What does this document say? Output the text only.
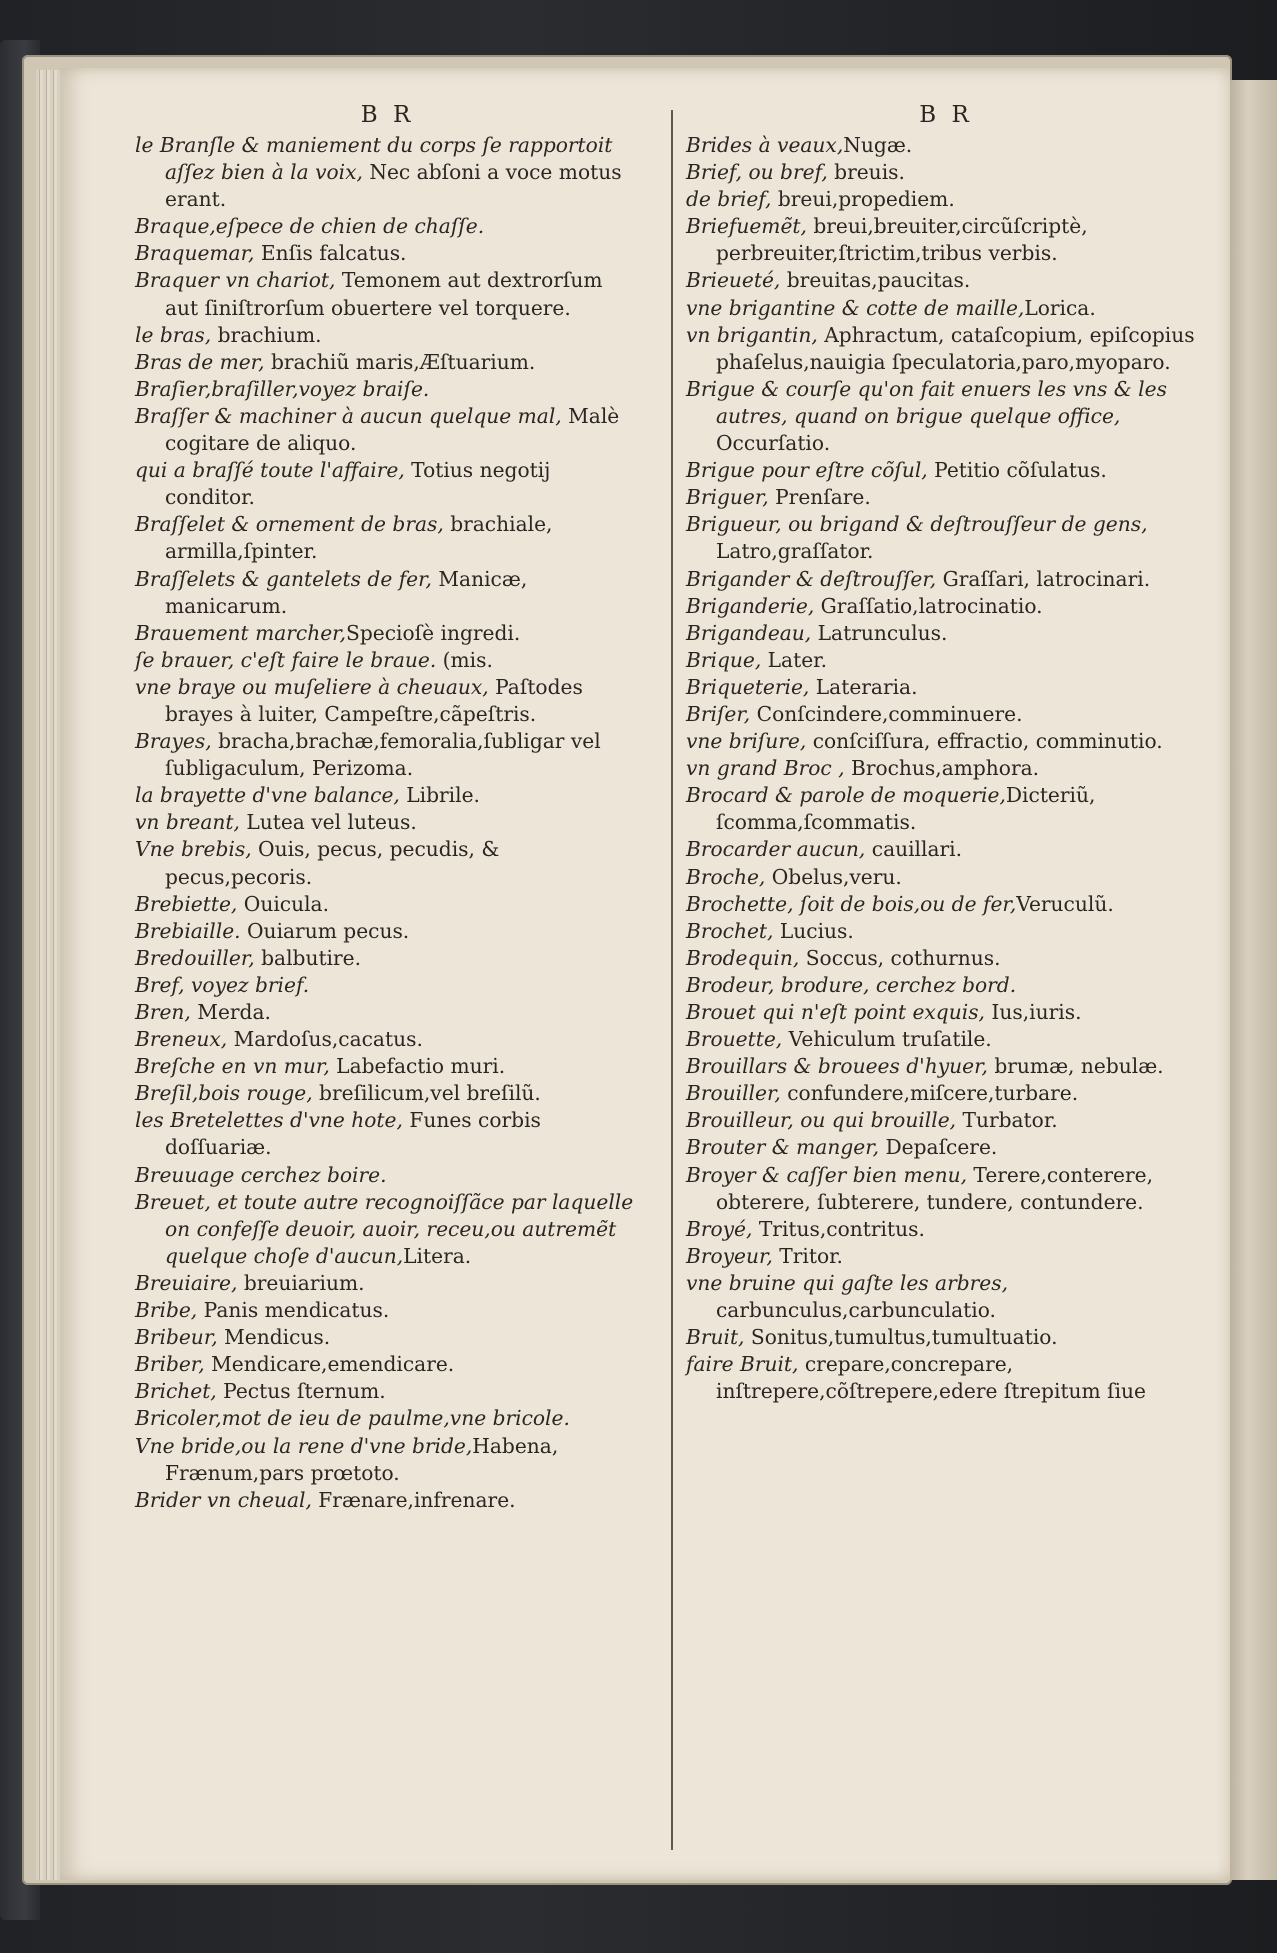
B R

le Branſle & maniement du corps ſe rapportoit aſſez bien à la voix, Nec abſoni a voce motus erant.

Braque,eſpece de chien de chaſſe.

Braquemar, Enſis falcatus.

Braquer vn chariot, Temonem aut dextrorſum aut ſiniſtrorſum obuertere vel torquere.

le bras, brachium.

Bras de mer, brachiũ maris,Æſtuarium.

Braſier,braſiller,voyez braiſe.

Braſſer & machiner à aucun quelque mal, Malè cogitare de aliquo.

qui a braſſé toute l'affaire, Totius negotij conditor.

Braſſelet & ornement de bras, brachiale, armilla,ſpinter.

Braſſelets & gantelets de fer, Manicæ, manicarum.

Brauement marcher,Specioſè ingredi.

ſe brauer, c'eſt faire le braue. (mis.

vne braye ou muſeliere à cheuaux, Paſtodes brayes à luiter, Campeſtre,cãpeſtris.

Brayes, bracha,brachæ,femoralia,ſubligar vel ſubligaculum, Perizoma.

la brayette d'vne balance, Librile.

vn breant, Lutea vel luteus.

Vne brebis, Ouis, pecus, pecudis, & pecus,pecoris.

Brebiette, Ouicula.

Brebiaille. Ouiarum pecus.

Bredouiller, balbutire.

Bref, voyez brief.

Bren, Merda.

Breneux, Mardoſus,cacatus.

Breſche en vn mur, Labefactio muri.

Breſil,bois rouge, breſilicum,vel breſilũ.

les Bretelettes d'vne hote, Funes corbis doſſuariæ.

Breuuage cerchez boire.

Breuet, et toute autre recognoiſſãce par laquelle on confeſſe deuoir, auoir, receu,ou autremẽt quelque choſe d'aucun,Litera.

Breuiaire, breuiarium.

Bribe, Panis mendicatus.

Bribeur, Mendicus.

Briber, Mendicare,emendicare.

Brichet, Pectus ſternum.

Bricoler,mot de ieu de paulme,vne bricole.

Vne bride,ou la rene d'vne bride,Habena, Frænum,pars prœtoto.

Brider vn cheual, Frænare,infrenare.

B R

Brides à veaux,Nugæ.

Brief, ou bref, breuis.

de brief, breui,propediem.

Briefuemẽt, breui,breuiter,circũſcriptè, perbreuiter,ſtrictim,tribus verbis.

Brieueté, breuitas,paucitas.

vne brigantine & cotte de maille,Lorica.

vn brigantin, Aphractum, cataſcopium, epiſcopius phaſelus,nauigia ſpeculatoria,paro,myoparo.

Brigue & courſe qu'on fait enuers les vns & les autres, quand on brigue quelque office, Occurſatio.

Brigue pour eſtre cõſul, Petitio cõſulatus.

Briguer, Prenſare.

Brigueur, ou brigand & deſtrouſſeur de gens, Latro,graſſator.

Brigander & deſtrouſſer, Graſſari, latrocinari.

Briganderie, Graſſatio,latrocinatio.

Brigandeau, Latrunculus.

Brique, Later.

Briqueterie, Lateraria.

Briſer, Conſcindere,comminuere.

vne briſure, conſciſſura, effractio, comminutio.

vn grand Broc , Brochus,amphora.

Brocard & parole de moquerie,Dicteriũ, ſcomma,ſcommatis.

Brocarder aucun, cauillari.

Broche, Obelus,veru.

Brochette, ſoit de bois,ou de fer,Veruculũ.

Brochet, Lucius.

Brodequin, Soccus, cothurnus.

Brodeur, brodure, cerchez bord.

Brouet qui n'eſt point exquis, Ius,iuris.

Brouette, Vehiculum truſatile.

Brouillars & brouees d'hyuer, brumæ, nebulæ.

Brouiller, confundere,miſcere,turbare.

Brouilleur, ou qui brouille, Turbator.

Brouter & manger, Depaſcere.

Broyer & caſſer bien menu, Terere,conterere, obterere, ſubterere, tundere, contundere.

Broyé, Tritus,contritus.

Broyeur, Tritor.

vne bruine qui gaſte les arbres, carbunculus,carbunculatio.

Bruit, Sonitus,tumultus,tumultuatio.

faire Bruit, crepare,concrepare, inſtrepere,cõſtrepere,edere ſtrepitum ſiue
